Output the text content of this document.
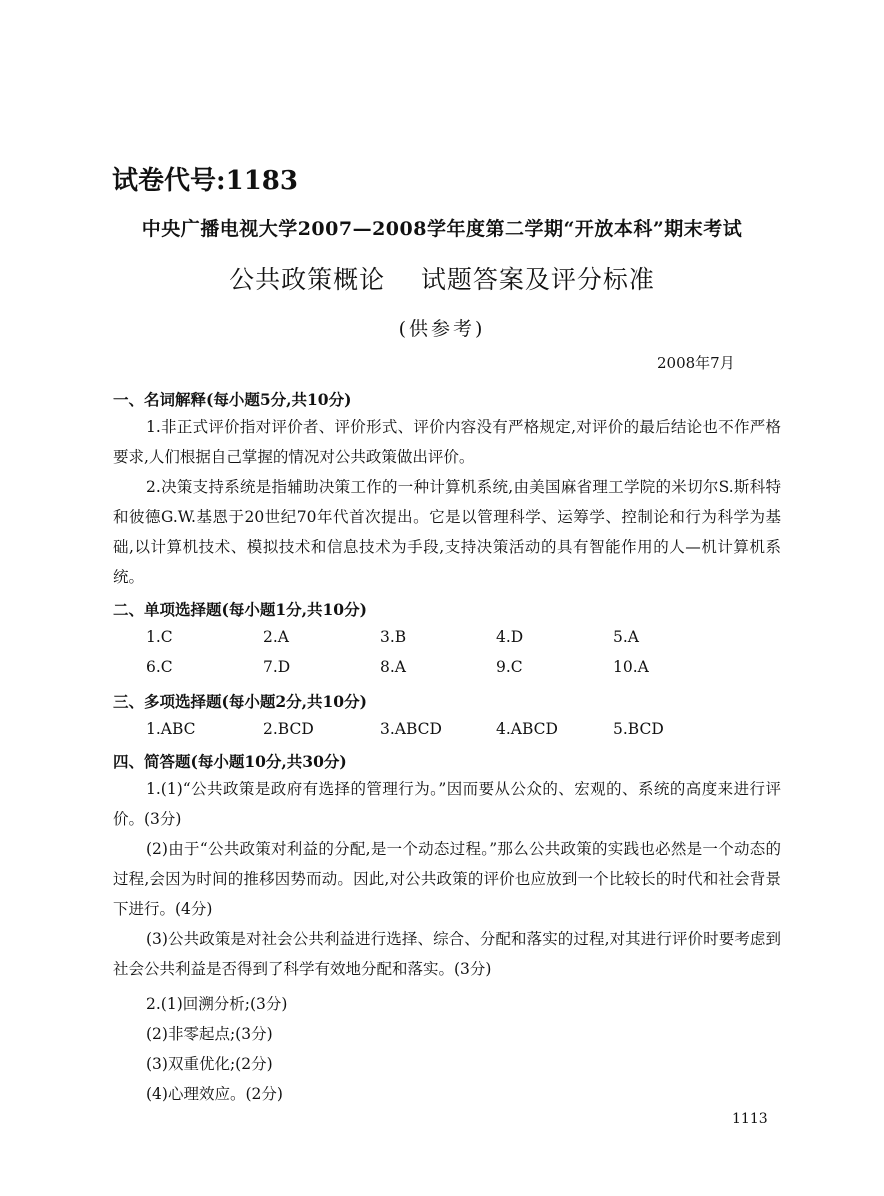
试卷代号:1183
中央广播电视大学2007—2008学年度第二学期“开放本科”期末考试
公共政策概论    试题答案及评分标准
(供参考)
2008年7月
一、名词解释(每小题5分,共10分)
1.非正式评价指对评价者、评价形式、评价内容没有严格规定,对评价的最后结论也不作严格要求,人们根据自己掌握的情况对公共政策做出评价。
2.决策支持系统是指辅助决策工作的一种计算机系统,由美国麻省理工学院的米切尔S.斯科特和彼德G.W.基恩于20世纪70年代首次提出。它是以管理科学、运筹学、控制论和行为科学为基础,以计算机技术、模拟技术和信息技术为手段,支持决策活动的具有智能作用的人—机计算机系统。
二、单项选择题(每小题1分,共10分)
1.C	2.A	3.B	4.D	5.A
6.C	7.D	8.A	9.C	10.A
三、多项选择题(每小题2分,共10分)
1.ABC	2.BCD	3.ABCD	4.ABCD	5.BCD
四、简答题(每小题10分,共30分)
1.(1)“公共政策是政府有选择的管理行为。”因而要从公众的、宏观的、系统的高度来进行评价。(3分)
(2)由于“公共政策对利益的分配,是一个动态过程。”那么公共政策的实践也必然是一个动态的过程,会因为时间的推移因势而动。因此,对公共政策的评价也应放到一个比较长的时代和社会背景下进行。(4分)
(3)公共政策是对社会公共利益进行选择、综合、分配和落实的过程,对其进行评价时要考虑到社会公共利益是否得到了科学有效地分配和落实。(3分)
2.(1)回溯分析;(3分)
(2)非零起点;(3分)
(3)双重优化;(2分)
(4)心理效应。(2分)
1113
